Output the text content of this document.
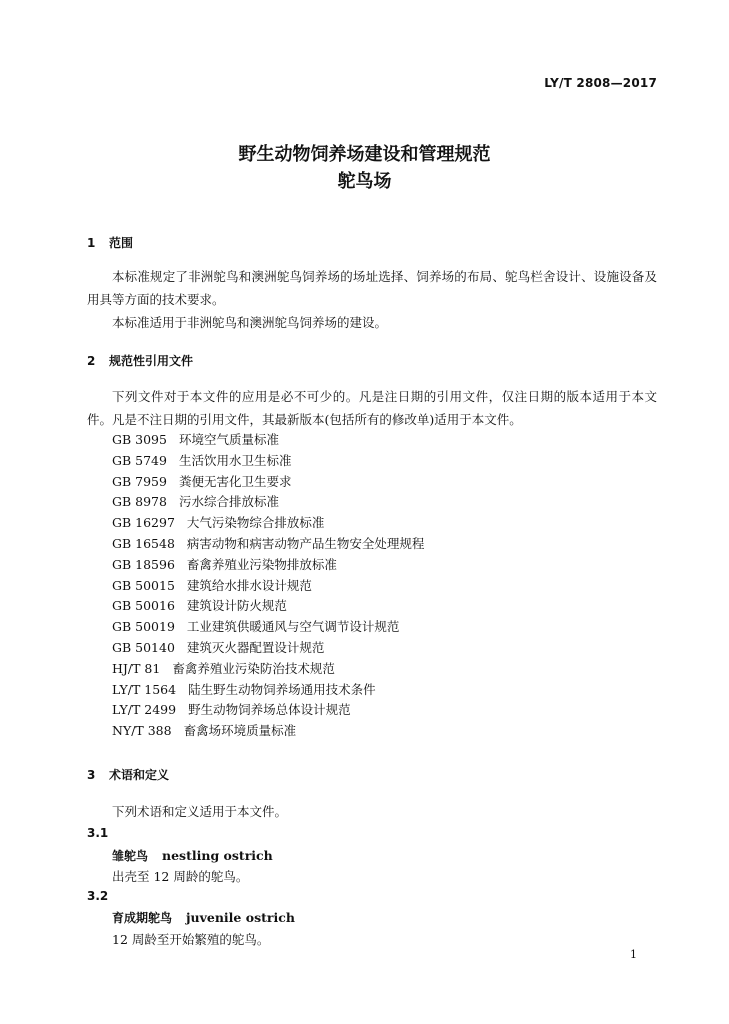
LY/T 2808—2017
野生动物饲养场建设和管理规范
鸵鸟场
1 范围
本标准规定了非洲鸵鸟和澳洲鸵鸟饲养场的场址选择、饲养场的布局、鸵鸟栏舍设计、设施设备及用具等方面的技术要求。
本标准适用于非洲鸵鸟和澳洲鸵鸟饲养场的建设。
2 规范性引用文件
下列文件对于本文件的应用是必不可少的。凡是注日期的引用文件，仅注日期的版本适用于本文件。凡是不注日期的引用文件，其最新版本(包括所有的修改单)适用于本文件。
GB 3095 环境空气质量标准
GB 5749 生活饮用水卫生标准
GB 7959 粪便无害化卫生要求
GB 8978 污水综合排放标准
GB 16297 大气污染物综合排放标准
GB 16548 病害动物和病害动物产品生物安全处理规程
GB 18596 畜禽养殖业污染物排放标准
GB 50015 建筑给水排水设计规范
GB 50016 建筑设计防火规范
GB 50019 工业建筑供暖通风与空气调节设计规范
GB 50140 建筑灭火器配置设计规范
HJ/T 81 畜禽养殖业污染防治技术规范
LY/T 1564 陆生野生动物饲养场通用技术条件
LY/T 2499 野生动物饲养场总体设计规范
NY/T 388 畜禽场环境质量标准
3 术语和定义
下列术语和定义适用于本文件。
3.1
雏鸵鸟 nestling ostrich
出壳至 12 周龄的鸵鸟。
3.2
育成期鸵鸟 juvenile ostrich
12 周龄至开始繁殖的鸵鸟。
1
